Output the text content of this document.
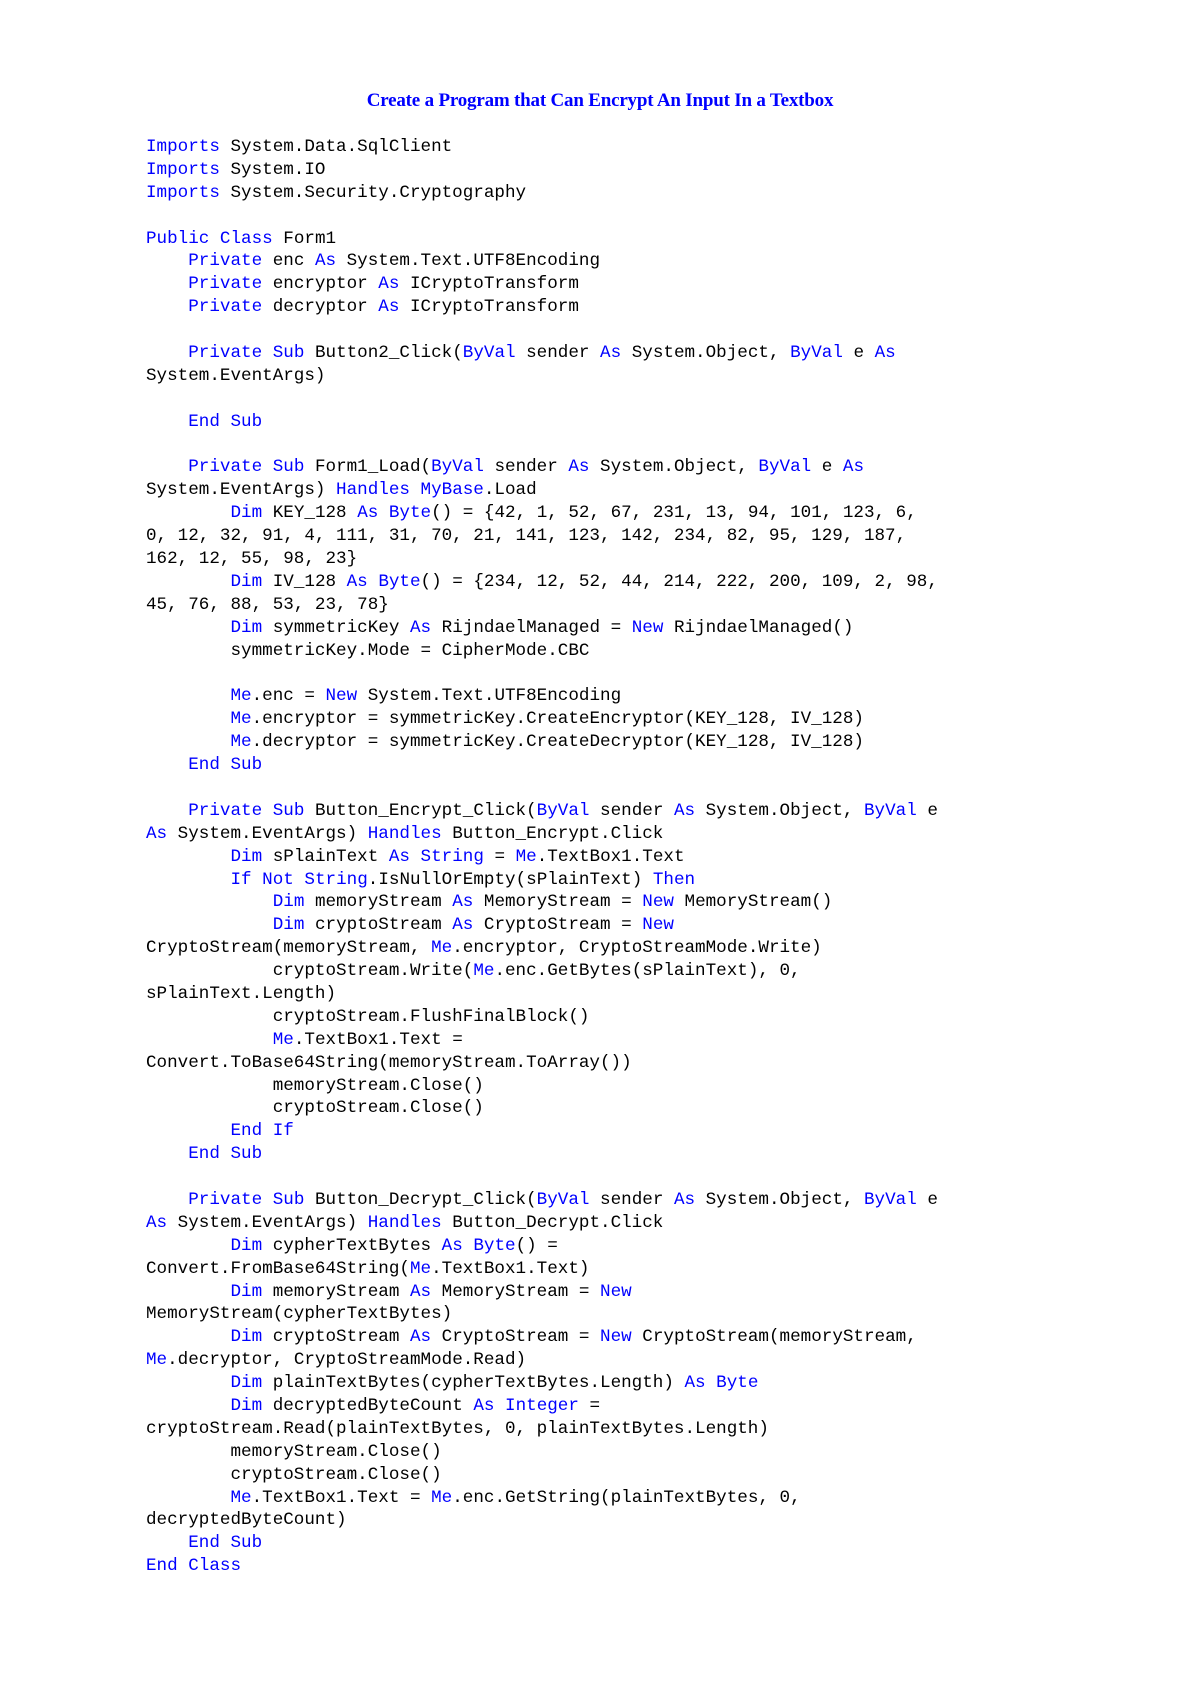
Create a Program that Can Encrypt An Input In a Textbox
Imports System.Data.SqlClient
Imports System.IO
Imports System.Security.Cryptography

Public Class Form1
Private enc As System.Text.UTF8Encoding
Private encryptor As ICryptoTransform
Private decryptor As ICryptoTransform

Private Sub Button2_Click(ByVal sender As System.Object, ByVal e As
System.EventArgs)

End Sub

Private Sub Form1_Load(ByVal sender As System.Object, ByVal e As
System.EventArgs) Handles MyBase.Load
Dim KEY_128 As Byte() = {42, 1, 52, 67, 231, 13, 94, 101, 123, 6,
0, 12, 32, 91, 4, 111, 31, 70, 21, 141, 123, 142, 234, 82, 95, 129, 187,
162, 12, 55, 98, 23}
Dim IV_128 As Byte() = {234, 12, 52, 44, 214, 222, 200, 109, 2, 98,
45, 76, 88, 53, 23, 78}
Dim symmetricKey As RijndaelManaged = New RijndaelManaged()
symmetricKey.Mode = CipherMode.CBC

Me.enc = New System.Text.UTF8Encoding
Me.encryptor = symmetricKey.CreateEncryptor(KEY_128, IV_128)
Me.decryptor = symmetricKey.CreateDecryptor(KEY_128, IV_128)
End Sub

Private Sub Button_Encrypt_Click(ByVal sender As System.Object, ByVal e
As System.EventArgs) Handles Button_Encrypt.Click
Dim sPlainText As String = Me.TextBox1.Text
If Not String.IsNullOrEmpty(sPlainText) Then
Dim memoryStream As MemoryStream = New MemoryStream()
Dim cryptoStream As CryptoStream = New
CryptoStream(memoryStream, Me.encryptor, CryptoStreamMode.Write)
cryptoStream.Write(Me.enc.GetBytes(sPlainText), 0,
sPlainText.Length)
cryptoStream.FlushFinalBlock()
Me.TextBox1.Text =
Convert.ToBase64String(memoryStream.ToArray())
memoryStream.Close()
cryptoStream.Close()
End If
End Sub

Private Sub Button_Decrypt_Click(ByVal sender As System.Object, ByVal e
As System.EventArgs) Handles Button_Decrypt.Click
Dim cypherTextBytes As Byte() =
Convert.FromBase64String(Me.TextBox1.Text)
Dim memoryStream As MemoryStream = New
MemoryStream(cypherTextBytes)
Dim cryptoStream As CryptoStream = New CryptoStream(memoryStream,
Me.decryptor, CryptoStreamMode.Read)
Dim plainTextBytes(cypherTextBytes.Length) As Byte
Dim decryptedByteCount As Integer =
cryptoStream.Read(plainTextBytes, 0, plainTextBytes.Length)
memoryStream.Close()
cryptoStream.Close()
Me.TextBox1.Text = Me.enc.GetString(plainTextBytes, 0,
decryptedByteCount)
End Sub
End Class
